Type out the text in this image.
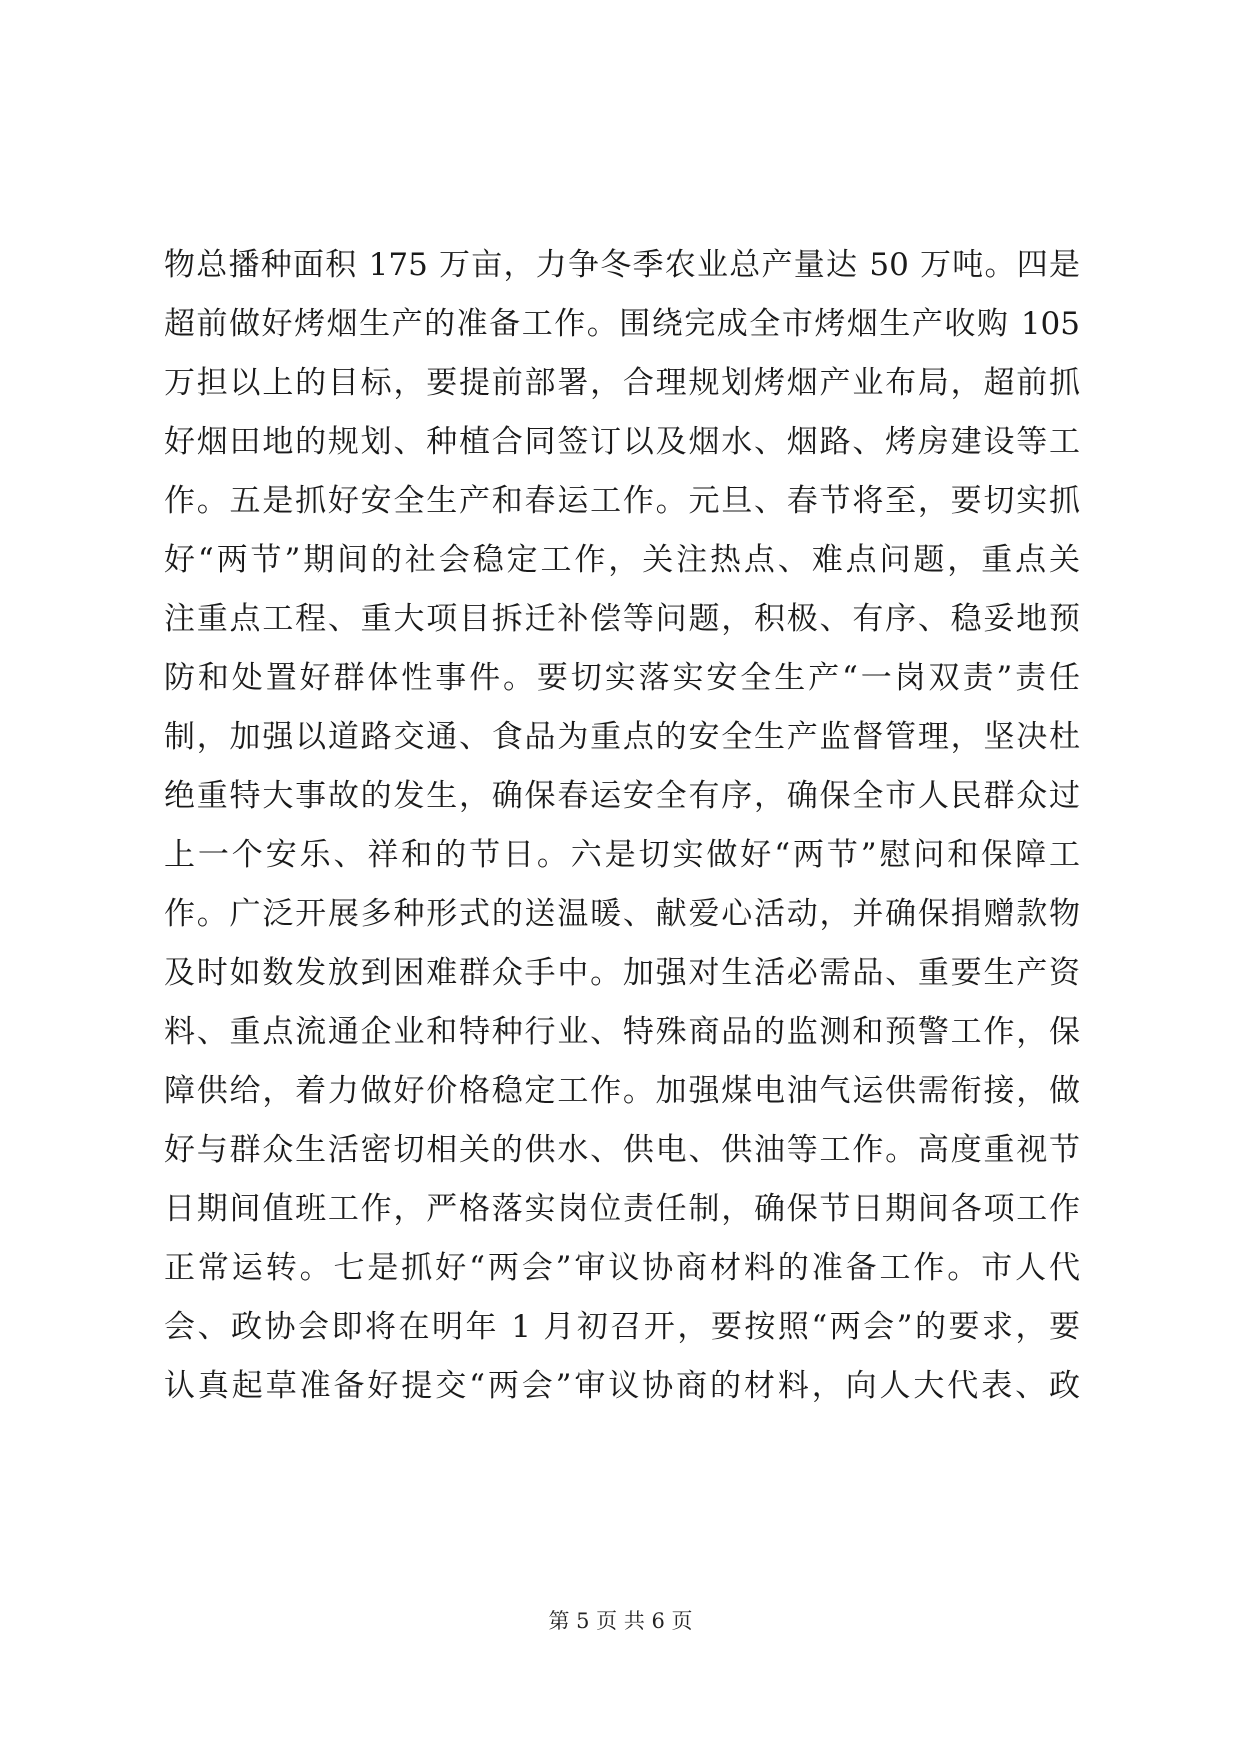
物总播种面积 175 万亩，力争冬季农业总产量达 50 万吨。四是
超前做好烤烟生产的准备工作。围绕完成全市烤烟生产收购 105
万担以上的目标，要提前部署，合理规划烤烟产业布局，超前抓
好烟田地的规划、种植合同签订以及烟水、烟路、烤房建设等工
作。五是抓好安全生产和春运工作。元旦、春节将至，要切实抓
好“两节”期间的社会稳定工作，关注热点、难点问题，重点关
注重点工程、重大项目拆迁补偿等问题，积极、有序、稳妥地预
防和处置好群体性事件。要切实落实安全生产“一岗双责”责任
制，加强以道路交通、食品为重点的安全生产监督管理，坚决杜
绝重特大事故的发生，确保春运安全有序，确保全市人民群众过
上一个安乐、祥和的节日。六是切实做好“两节”慰问和保障工
作。广泛开展多种形式的送温暖、献爱心活动，并确保捐赠款物
及时如数发放到困难群众手中。加强对生活必需品、重要生产资
料、重点流通企业和特种行业、特殊商品的监测和预警工作，保
障供给，着力做好价格稳定工作。加强煤电油气运供需衔接，做
好与群众生活密切相关的供水、供电、供油等工作。高度重视节
日期间值班工作，严格落实岗位责任制，确保节日期间各项工作
正常运转。七是抓好“两会”审议协商材料的准备工作。市人代
会、政协会即将在明年 1 月初召开，要按照“两会”的要求，要
认真起草准备好提交“两会”审议协商的材料，向人大代表、政
第 5 页 共 6 页
